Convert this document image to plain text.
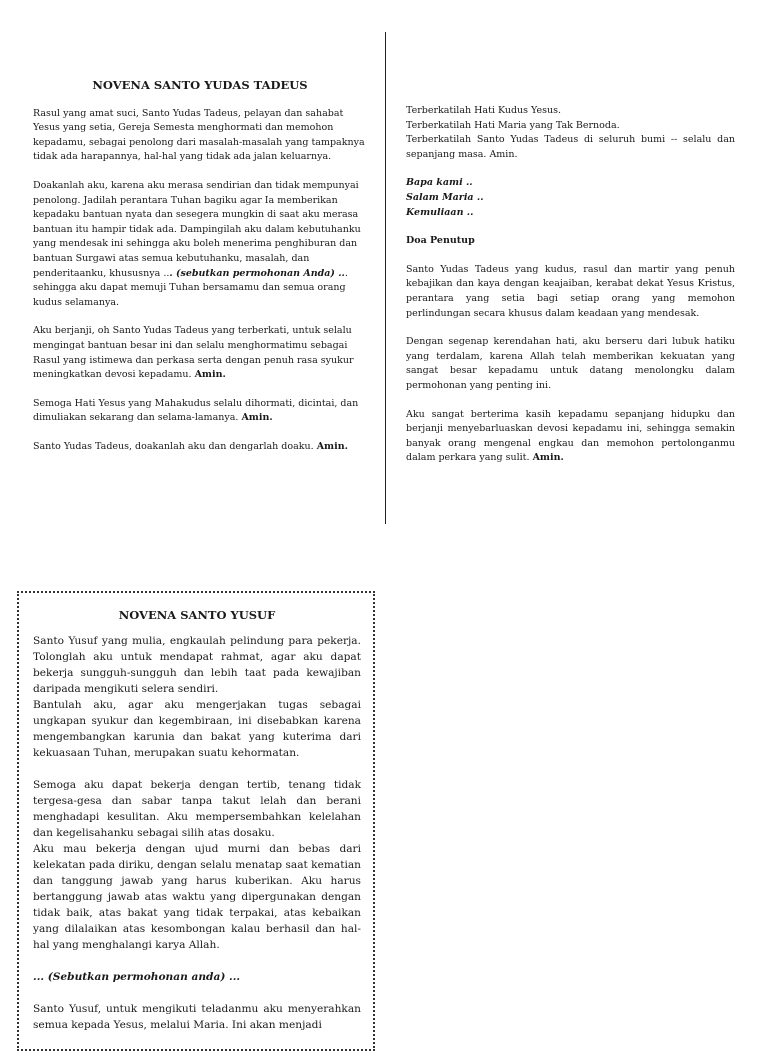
NOVENA SANTO YUDAS TADEUS

Rasul yang amat suci, Santo Yudas Tadeus, pelayan dan sahabat Yesus yang setia, Gereja Semesta menghormati dan memohon kepadamu, sebagai penolong dari masalah-masalah yang tampaknya tidak ada harapannya, hal-hal yang tidak ada jalan keluarnya.

Doakanlah aku, karena aku merasa sendirian dan tidak mempunyai penolong. Jadilah perantara Tuhan bagiku agar Ia memberikan kepadaku bantuan nyata dan sesegera mungkin di saat aku merasa bantuan itu hampir tidak ada. Dampingilah aku dalam kebutuhanku yang mendesak ini sehingga aku boleh menerima penghiburan dan bantuan Surgawi atas semua kebutuhanku, masalah, dan penderitaanku, khususnya ... (sebutkan permohonan Anda) ... sehingga aku dapat memuji Tuhan bersamamu dan semua orang kudus selamanya.

Aku berjanji, oh Santo Yudas Tadeus yang terberkati, untuk selalu mengingat bantuan besar ini dan selalu menghormatimu sebagai Rasul yang istimewa dan perkasa serta dengan penuh rasa syukur meningkatkan devosi kepadamu. Amin.

Semoga Hati Yesus yang Mahakudus selalu dihormati, dicintai, dan dimuliakan sekarang dan selama-lamanya. Amin.

Santo Yudas Tadeus, doakanlah aku dan dengarlah doaku. Amin.

Terberkatilah Hati Kudus Yesus.
Terberkatilah Hati Maria yang Tak Bernoda.
Terberkatilah Santo Yudas Tadeus di seluruh bumi -- selalu dan sepanjang masa. Amin.

Bapa kami ..
Salam Maria ..
Kemuliaan ..

Doa Penutup

Santo Yudas Tadeus yang kudus, rasul dan martir yang penuh kebajikan dan kaya dengan keajaiban, kerabat dekat Yesus Kristus, perantara yang setia bagi setiap orang yang memohon perlindungan secara khusus dalam keadaan yang mendesak.

Dengan segenap kerendahan hati, aku berseru dari lubuk hatiku yang terdalam, karena Allah telah memberikan kekuatan yang sangat besar kepadamu untuk datang menolongku dalam permohonan yang penting ini.

Aku sangat berterima kasih kepadamu sepanjang hidupku dan berjanji menyebarluaskan devosi kepadamu ini, sehingga semakin banyak orang mengenal engkau dan memohon pertolonganmu dalam perkara yang sulit. Amin.

NOVENA SANTO YUSUF

Santo Yusuf yang mulia, engkaulah pelindung para pekerja. Tolonglah aku untuk mendapat rahmat, agar aku dapat bekerja sungguh-sungguh dan lebih taat pada kewajiban daripada mengikuti selera sendiri.

Bantulah aku, agar aku mengerjakan tugas sebagai ungkapan syukur dan kegembiraan, ini disebabkan karena mengembangkan karunia dan bakat yang kuterima dari kekuasaan Tuhan, merupakan suatu kehormatan.

Semoga aku dapat bekerja dengan tertib, tenang tidak tergesa-gesa dan sabar tanpa takut lelah dan berani menghadapi kesulitan. Aku mempersembahkan kelelahan dan kegelisahanku sebagai silih atas dosaku.

Aku mau bekerja dengan ujud murni dan bebas dari kelekatan pada diriku, dengan selalu menatap saat kematian dan tanggung jawab yang harus kuberikan. Aku harus bertanggung jawab atas waktu yang dipergunakan dengan tidak baik, atas bakat yang tidak terpakai, atas kebaikan yang dilalaikan atas kesombongan kalau berhasil dan hal-hal yang menghalangi karya Allah.

... (Sebutkan permohonan anda) ...

Santo Yusuf, untuk mengikuti teladanmu aku menyerahkan semua kepada Yesus, melalui Maria. Ini akan menjadi
